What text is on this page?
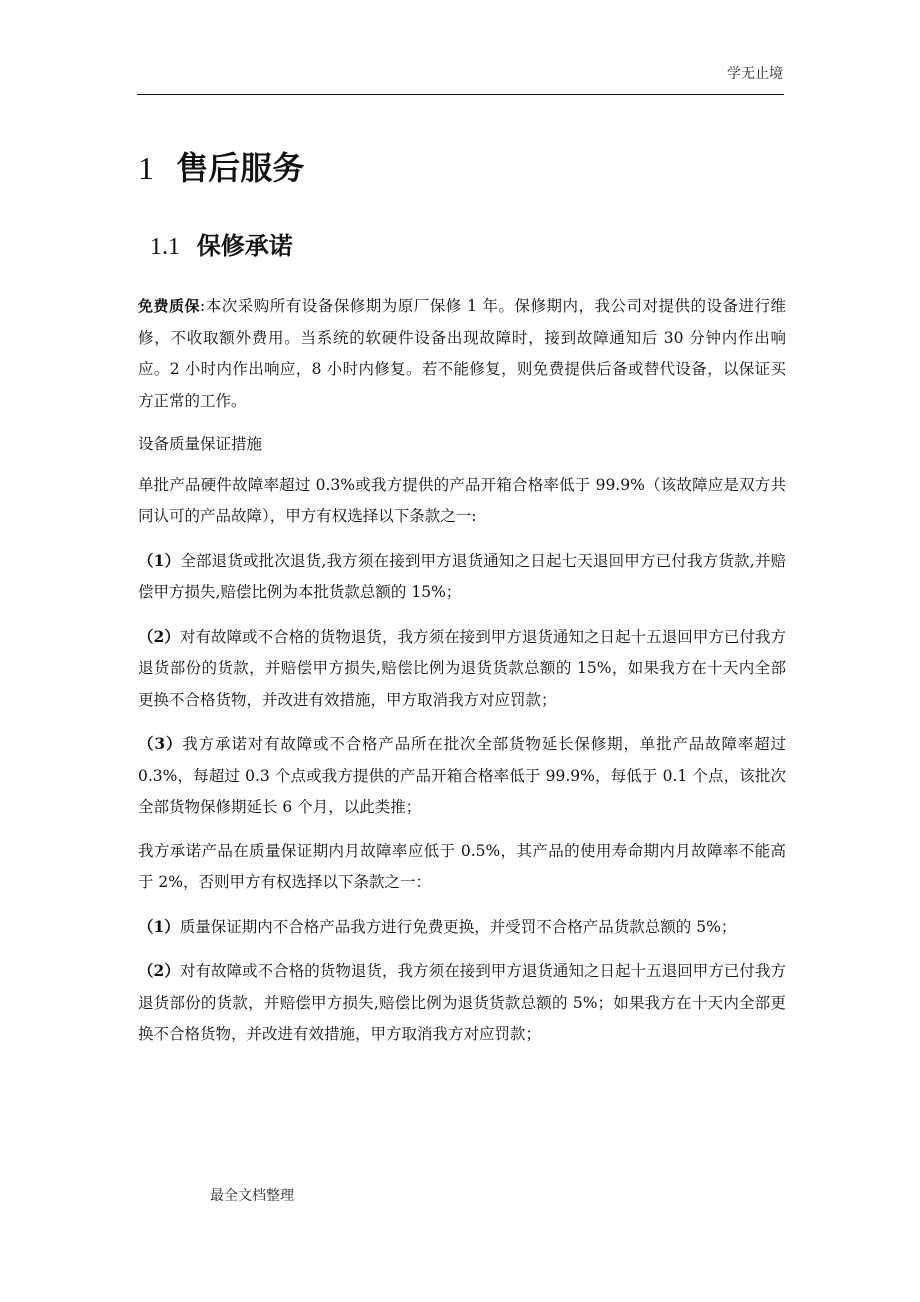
学无止境
1 售后服务
1.1 保修承诺

免费质保:本次采购所有设备保修期为原厂保修 1 年。保修期内，我公司对提供的设备进行维修，不收取额外费用。当系统的软硬件设备出现故障时，接到故障通知后 30 分钟内作出响应。2 小时内作出响应，8 小时内修复。若不能修复，则免费提供后备或替代设备，以保证买方正常的工作。

设备质量保证措施

单批产品硬件故障率超过 0.3%或我方提供的产品开箱合格率低于 99.9%（该故障应是双方共同认可的产品故障），甲方有权选择以下条款之一:

（1）全部退货或批次退货,我方须在接到甲方退货通知之日起七天退回甲方已付我方货款,并赔偿甲方损失,赔偿比例为本批货款总额的 15%；

（2）对有故障或不合格的货物退货，我方须在接到甲方退货通知之日起十五退回甲方已付我方退货部份的货款，并赔偿甲方损失,赔偿比例为退货货款总额的 15%，如果我方在十天内全部更换不合格货物，并改进有效措施，甲方取消我方对应罚款；

（3）我方承诺对有故障或不合格产品所在批次全部货物延长保修期，单批产品故障率超过 0.3%，每超过 0.3 个点或我方提供的产品开箱合格率低于 99.9%，每低于 0.1 个点，该批次全部货物保修期延长 6 个月，以此类推；

我方承诺产品在质量保证期内月故障率应低于 0.5%，其产品的使用寿命期内月故障率不能高于 2%，否则甲方有权选择以下条款之一：

（1）质量保证期内不合格产品我方进行免费更换，并受罚不合格产品货款总额的 5%；

（2）对有故障或不合格的货物退货，我方须在接到甲方退货通知之日起十五退回甲方已付我方退货部份的货款，并赔偿甲方损失,赔偿比例为退货货款总额的 5%；如果我方在十天内全部更换不合格货物，并改进有效措施，甲方取消我方对应罚款；

最全文档整理
